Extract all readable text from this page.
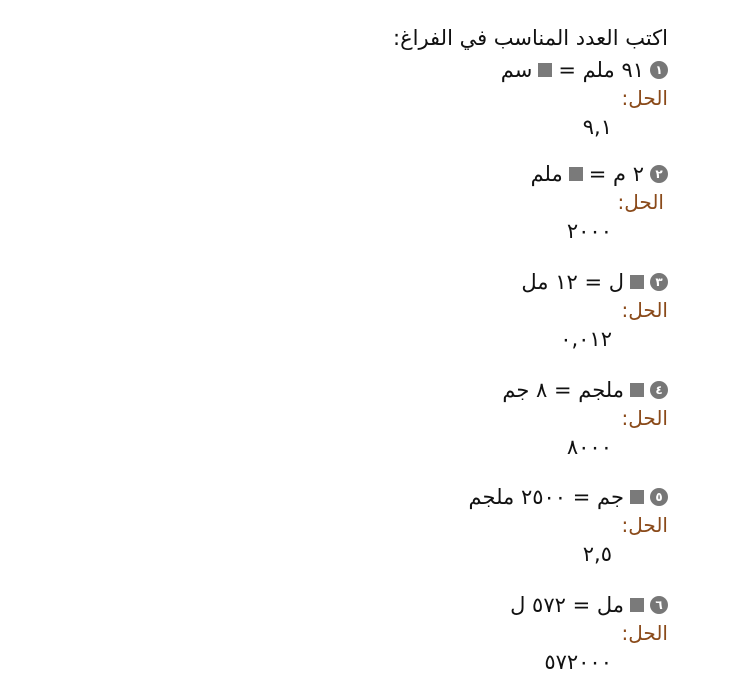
اكتب العدد المناسب في الفراغ:
١
٩١ ملم =
سم
الحل:
٩,١
٢
٢ م =
ملم
الحل:
٢٠٠٠
٣
ل = ١٢ مل
الحل:
٠,٠١٢
٤
ملجم = ٨ جم
الحل:
٨٠٠٠
٥
جم = ٢٥٠٠ ملجم
الحل:
٢,٥
٦
مل = ٥٧٢ ل
الحل:
٥٧٢٠٠٠
